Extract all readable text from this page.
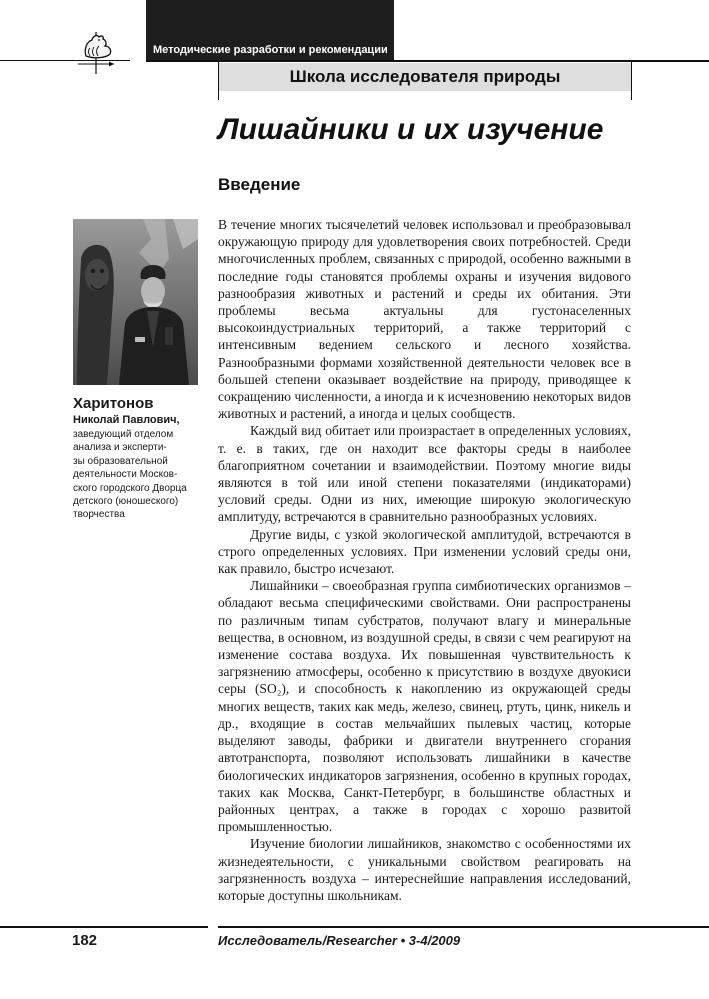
Методические разработки и рекомендации
Школа исследователя природы
Лишайники и их изучение
Введение
Харитонов
Николай Павлович,
заведующий отделом
анализа и эксперти-
зы образовательной
деятельности Москов-
ского городского Дворца
детского (юношеского)
творчества

В течение многих тысячелетий человек использовал и преобразовывал окружающую природу для удовлетворения своих потребностей. Среди многочисленных проблем, связанных с природой, особенно важными в последние годы становятся проблемы охраны и изучения видового разнообразия животных и растений и среды их обитания. Эти проблемы весьма актуальны для густонаселенных высокоиндустриальных территорий, а также территорий с интенсивным ведением сельского и лесного хозяйства. Разнообразными формами хозяйственной деятельности человек все в большей степени оказывает воздействие на природу, приводящее к сокращению численности, а иногда и к исчезновению некоторых видов животных и растений, а иногда и целых сообществ.

Каждый вид обитает или произрастает в определенных условиях, т. е. в таких, где он находит все факторы среды в наиболее благоприятном сочетании и взаимодействии. Поэтому многие виды являются в той или иной степени показателями (индикаторами) условий среды. Одни из них, имеющие широкую экологическую амплитуду, встречаются в сравнительно разнообразных условиях.

Другие виды, с узкой экологической амплитудой, встречаются в строго определенных условиях. При изменении условий среды они, как правило, быстро исчезают.

Лишайники – своеобразная группа симбиотических организмов – обладают весьма специфическими свойствами. Они распространены по различным типам субстратов, получают влагу и минеральные вещества, в основном, из воздушной среды, в связи с чем реагируют на изменение состава воздуха. Их повышенная чувствительность к загрязнению атмосферы, особенно к присутствию в воздухе двуокиси серы (SO₂), и способность к накоплению из окружающей среды многих веществ, таких как медь, железо, свинец, ртуть, цинк, никель и др., входящие в состав мельчайших пылевых частиц, которые выделяют заводы, фабрики и двигатели внутреннего сгорания автотранспорта, позволяют использовать лишайники в качестве биологических индикаторов загрязнения, особенно в крупных городах, таких как Москва, Санкт-Петербург, в большинстве областных и районных центрах, а также в городах с хорошо развитой промышленностью.

Изучение биологии лишайников, знакомство с особенностями их жизнедеятельности, с уникальными свойством реагировать на загрязненность воздуха – интереснейшие направления исследований, которые доступны школьникам.

182	Исследователь/Researcher • 3-4/2009
